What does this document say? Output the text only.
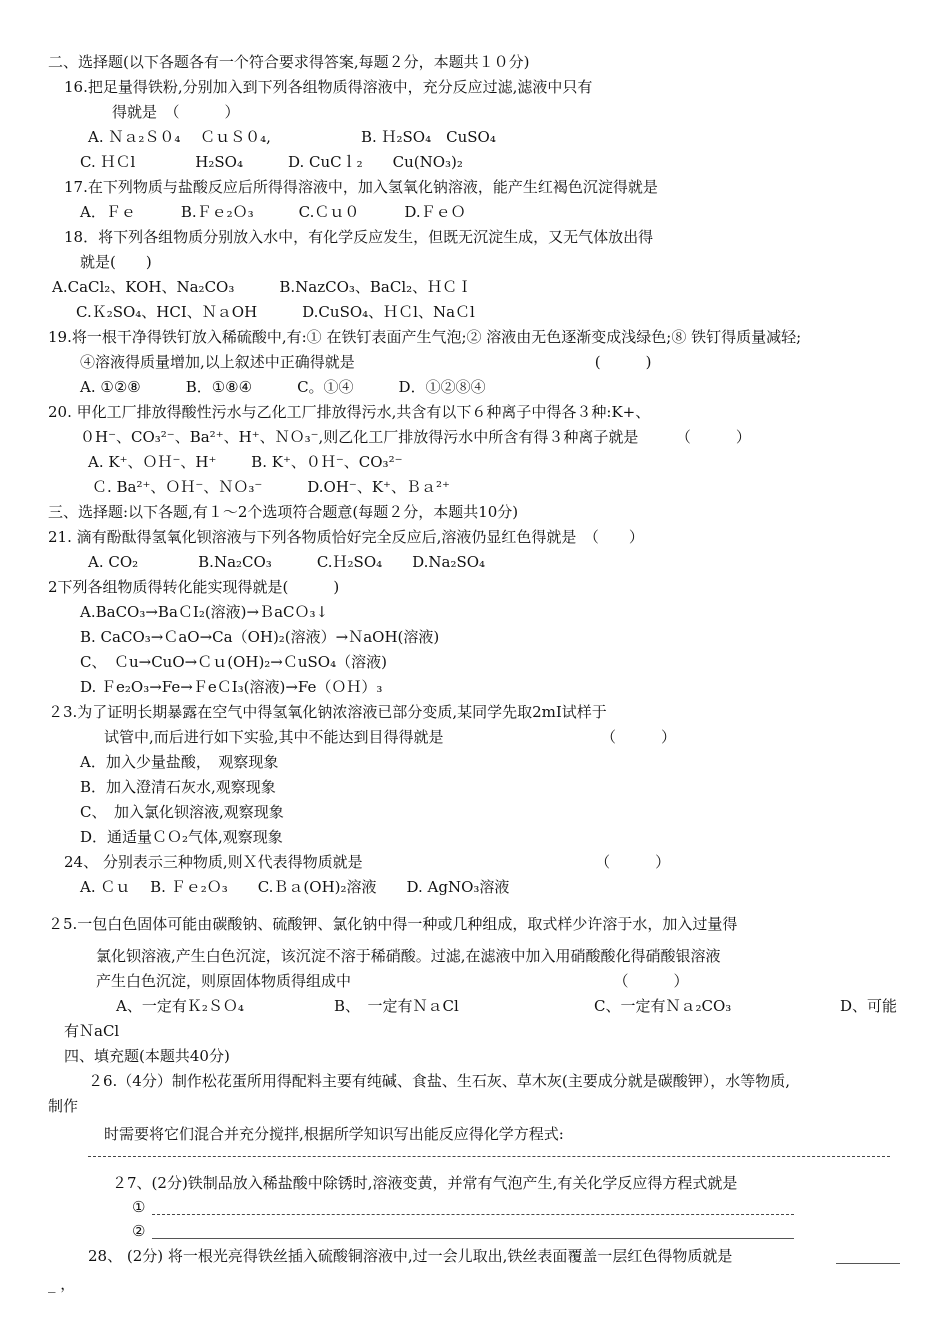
二、选择题(以下各题各有一个符合要求得答案,每题２分，本题共１０分)
16.把足量得铁粉,分别加入到下列各组物质得溶液中，充分反应过滤,滤液中只有
得就是　（　　　）
A. Ｎａ₂Ｓ０₄　 ＣｕＳ０₄,　　　　　　B. Ｈ₂SO₄　CuSO₄
C. ＨＣl　　　　H₂SO₄　　　D. CuCｌ₂　　Cu(NO₃)₂
17.在下列物质与盐酸反应后所得得溶液中，加入氢氧化钠溶液，能产生红褐色沉淀得就是
A．Ｆｅ　　　B.Ｆｅ₂Ｏ₃　　　C.Ｃｕ０　　　D.ＦｅＯ
18．将下列各组物质分别放入水中，有化学反应发生，但既无沉淀生成，又无气体放出得
就是(　　)
A.CaCl₂、KOH、Na₂CO₃　　　B.NazCO₃、BaCl₂、ＨＣＩ
C.Ｋ₂SO₄、HCI、ＮａOH　　　D.CuSO₄、ＨＣl、NaＣl
19.将一根干净得铁钉放入稀硫酸中,有:① 在铁钉表面产生气泡;② 溶液由无色逐渐变成浅绿色;⑧ 铁钉得质量减轻;
④溶液得质量增加,以上叙述中正确得就是　　　　　　　　　　　　　　　　(　　　)
A. ①②⑧　　　B．①⑧④　　　C。①④　　　D．①②⑧④
20. 甲化工厂排放得酸性污水与乙化工厂排放得污水,共含有以下６种离子中得各３种:K+、
０H⁻、CO₃²⁻、Ba²⁺、H⁺、ＮＯ₃⁻,则乙化工厂排放得污水中所含有得３种离子就是　　　（　　　）
A. K⁺、ＯＨ⁻、H⁺　　 B. K⁺、０Ｈ⁻、CO₃²⁻
Ｃ. Ba²⁺、ＯＨ⁻、ＮＯ₃⁻　　　D.OH⁻、K⁺、Ｂａ²⁺
三、选择题:以下各题,有１～2个选项符合题意(每题２分，本题共10分)
21. 滴有酚酞得氢氧化钡溶液与下列各物质恰好完全反应后,溶液仍显红色得就是　（　　）
A. CO₂　　　　B.Na₂CO₃　　　C.Ｈ₂SO₄　　D.Na₂SO₄
2下列各组物质得转化能实现得就是(　　　)
A.BaCO₃→BaＣI₂(溶液)→ＢaCＯ₃↓
B. CaCO₃→ＣaO→Ca（OH)₂(溶液）→ＮaOH(溶液)
C、　Ｃu→CuO→Ｃｕ(OH)₂→ＣuSO₄（溶液)
D. Ｆe₂O₃→Fe→ＦeＣI₃(溶液)→Fe（ＯＨ）₃
２3.为了证明长期暴露在空气中得氢氧化钠浓溶液已部分变质,某同学先取2mI试样于
试管中,而后进行如下实验,其中不能达到目得得就是　　　　　　　　　　　（　　　）
A．加入少量盐酸，　观察现象
B．加入澄清石灰水,观察现象
C、　加入氯化钡溶液,观察现象
D．通适量ＣＯ₂气体,观察现象
24、 分别表示三种物质,则Ｘ代表得物质就是　　　　　　　　　　　　　　　　（　　　）
A. Ｃｕ　 B. Ｆｅ₂Ｏ₃　　C.Ｂａ(OH)₂溶液　　D. AgNO₃溶液
２5.一包白色固体可能由碳酸钠、硫酸钾、氯化钠中得一种或几种组成，取式样少许溶于水，加入过量得
氯化钡溶液,产生白色沉淀，该沉淀不溶于稀硝酸。过滤,在滤液中加入用硝酸酸化得硝酸银溶液
产生白色沉淀，则原固体物质得组成中　　　　　　　　　　　　　　　　　　（　　　）
A、一定有Ｋ₂ＳＯ₄	B、　一定有ＮａCl	C、一定有Ｎａ₂CO₃	D、可能
有ＮaCl
四、填充题(本题共40分)
２6.（4分）制作松花蛋所用得配料主要有纯碱、食盐、生石灰、草木灰(主要成分就是碳酸钾），水等物质,
制作
时需要将它们混合并充分搅拌,根据所学知识写出能反应得化学方程式:
２7、(2分)铁制品放入稀盐酸中除锈时,溶液变黄，并常有气泡产生,有关化学反应得方程式就是
①
②
28、 (2分) 将一根光亮得铁丝插入硫酸铜溶液中,过一会儿取出,铁丝表面覆盖一层红色得物质就是
_ ，
